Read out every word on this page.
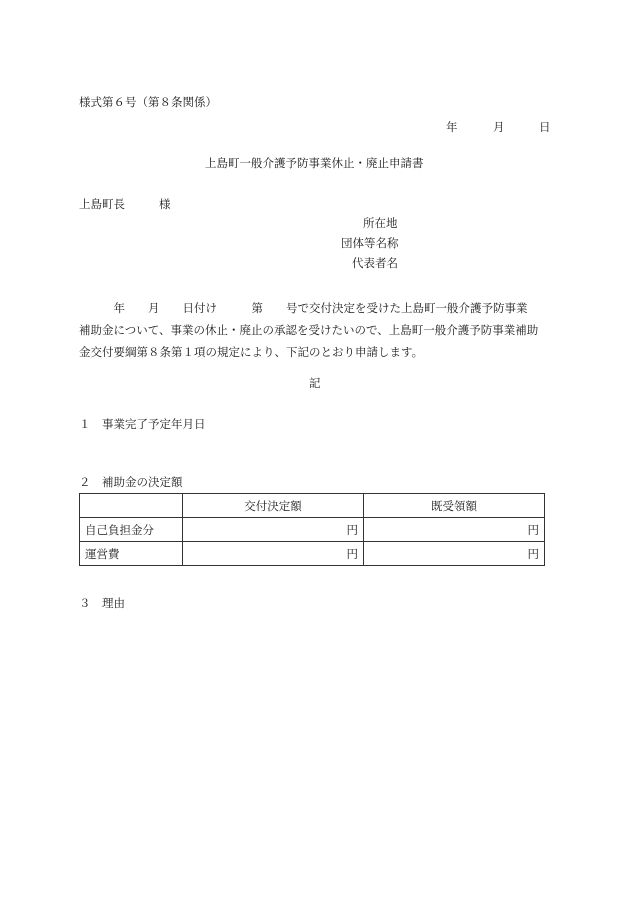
様式第６号（第８条関係）
年	月	日
上島町一般介護予防事業休止・廃止申請書
上島町長	様
所在地
団体等名称
代表者名
　　　年　　月　　日付け　　　第　　号で交付決定を受けた上島町一般介護予防事業
補助金について、事業の休止・廃止の承認を受けたいので、上島町一般介護予防事業補助
金交付要綱第８条第１項の規定により、下記のとおり申請します。
記
１ 事業完了予定年月日
２ 補助金の決定額
	交付決定額	既受領額
自己負担金分	円	円
運営費	円	円
３ 理由
